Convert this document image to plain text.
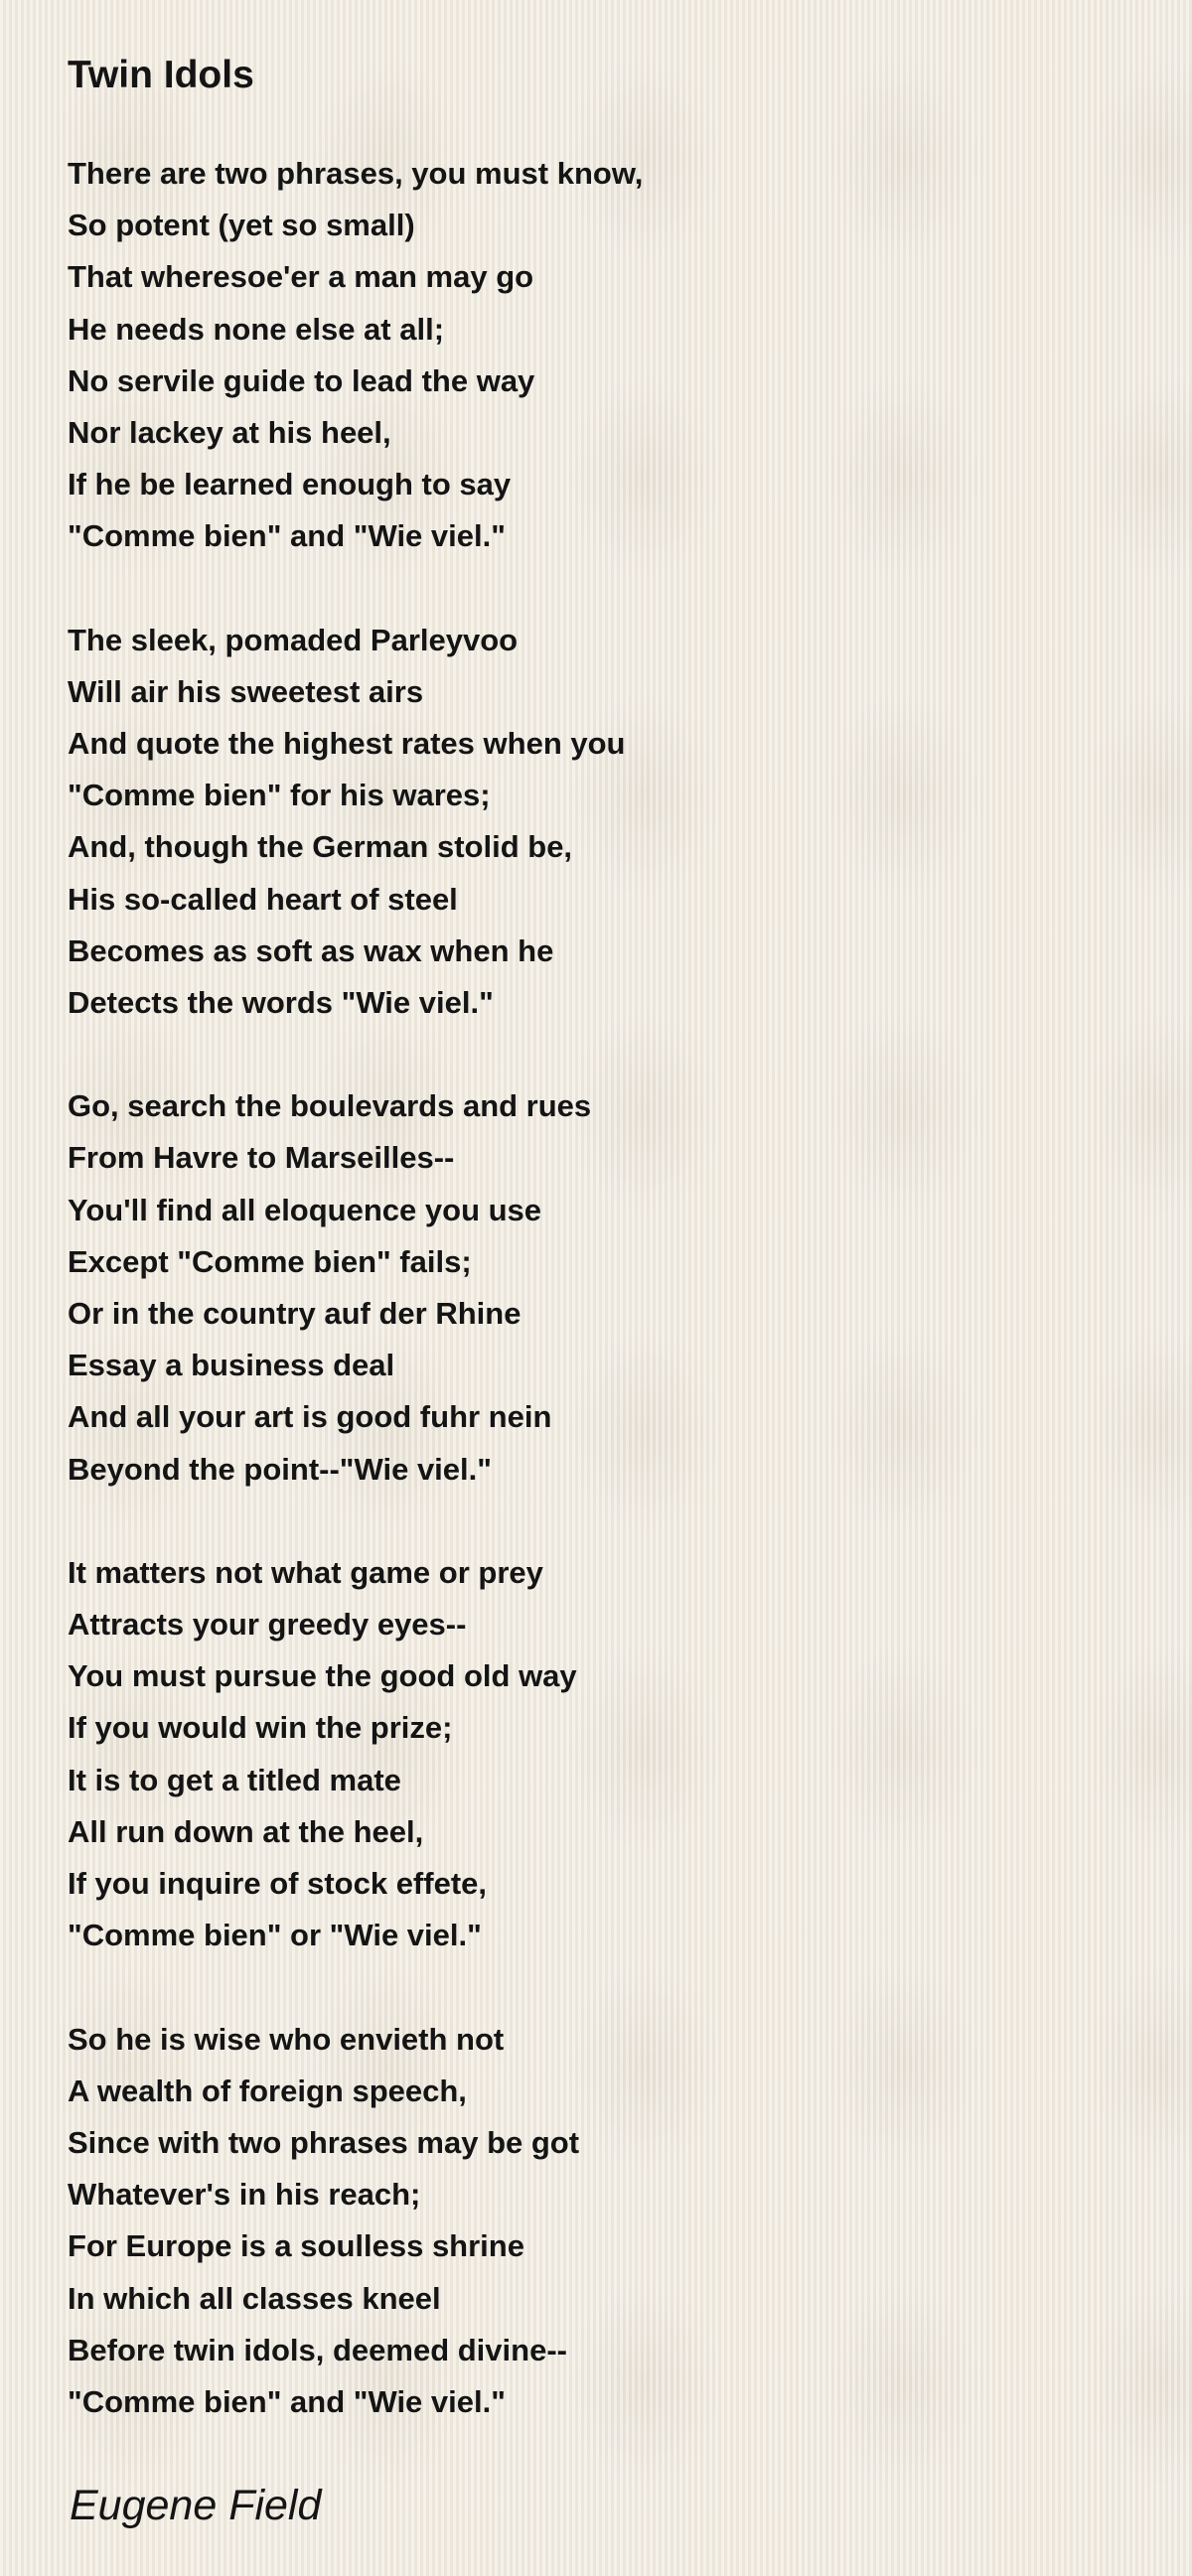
Twin Idols
There are two phrases, you must know,
So potent (yet so small)
That wheresoe'er a man may go
He needs none else at all;
No servile guide to lead the way
Nor lackey at his heel,
If he be learned enough to say
"Comme bien" and "Wie viel."
The sleek, pomaded Parleyvoo
Will air his sweetest airs
And quote the highest rates when you
"Comme bien" for his wares;
And, though the German stolid be,
His so-called heart of steel
Becomes as soft as wax when he
Detects the words "Wie viel."
Go, search the boulevards and rues
From Havre to Marseilles--
You'll find all eloquence you use
Except "Comme bien" fails;
Or in the country auf der Rhine
Essay a business deal
And all your art is good fuhr nein
Beyond the point--"Wie viel."
It matters not what game or prey
Attracts your greedy eyes--
You must pursue the good old way
If you would win the prize;
It is to get a titled mate
All run down at the heel,
If you inquire of stock effete,
"Comme bien" or "Wie viel."
So he is wise who envieth not
A wealth of foreign speech,
Since with two phrases may be got
Whatever's in his reach;
For Europe is a soulless shrine
In which all classes kneel
Before twin idols, deemed divine--
"Comme bien" and "Wie viel."

Eugene Field
